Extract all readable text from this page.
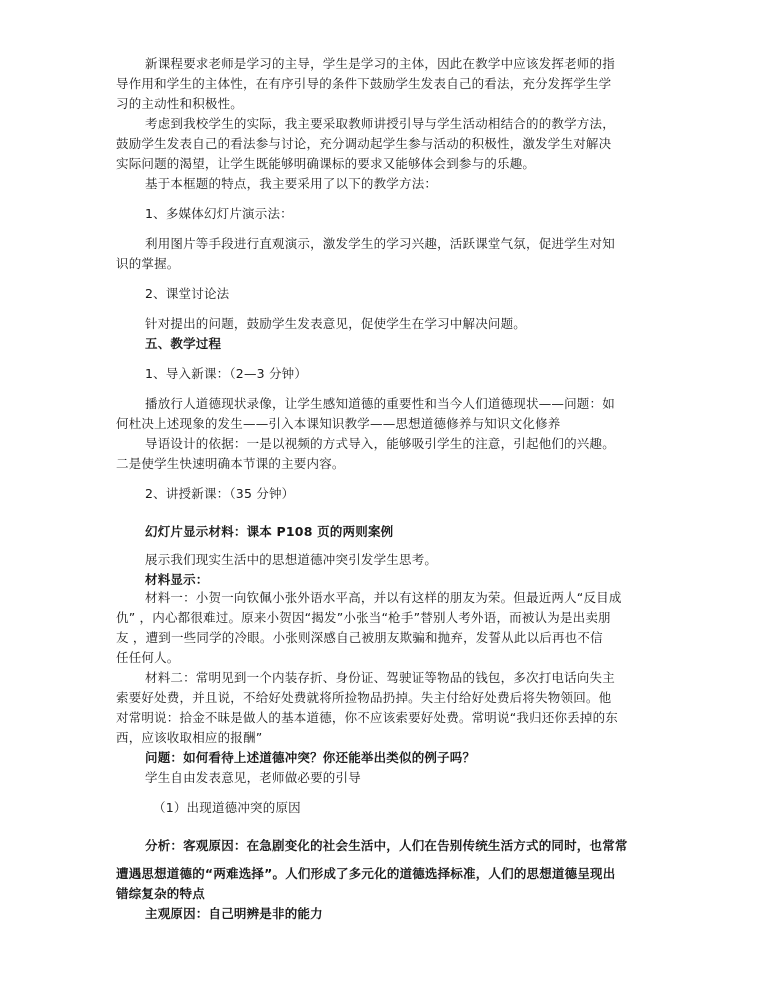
新课程要求老师是学习的主导，学生是学习的主体，因此在教学中应该发挥老师的指
导作用和学生的主体性，在有序引导的条件下鼓励学生发表自己的看法，充分发挥学生学
习的主动性和积极性。
考虑到我校学生的实际，我主要采取教师讲授引导与学生活动相结合的的教学方法，
鼓励学生发表自己的看法参与讨论，充分调动起学生参与活动的积极性，激发学生对解决
实际问题的渴望，让学生既能够明确课标的要求又能够体会到参与的乐趣。
基于本框题的特点，我主要采用了以下的教学方法：
1、多媒体幻灯片演示法：
利用图片等手段进行直观演示，激发学生的学习兴趣，活跃课堂气氛，促进学生对知
识的掌握。
2、课堂讨论法
针对提出的问题，鼓励学生发表意见，促使学生在学习中解决问题。
五、教学过程
1、导入新课：（2—3 分钟）
播放行人道德现状录像，让学生感知道德的重要性和当今人们道德现状——问题：如
何杜决上述现象的发生——引入本课知识教学——思想道德修养与知识文化修养
导语设计的依据：一是以视频的方式导入，能够吸引学生的注意，引起他们的兴趣。
二是使学生快速明确本节课的主要内容。
2、讲授新课：（35 分钟）
幻灯片显示材料：课本 P108 页的两则案例
展示我们现实生活中的思想道德冲突引发学生思考。
材料显示：
材料一：小贺一向钦佩小张外语水平高，并以有这样的朋友为荣。但最近两人“反目成
仇” ，内心都很难过。原来小贺因“揭发”小张当“枪手”替别人考外语，而被认为是出卖朋
友 ，遭到一些同学的冷眼。小张则深感自己被朋友欺骗和抛弃，发誓从此以后再也不信
任任何人。
材料二：常明见到一个内装存折、身份证、驾驶证等物品的钱包，多次打电话向失主
索要好处费，并且说，不给好处费就将所捡物品扔掉。失主付给好处费后将失物领回。他
对常明说：拾金不昧是做人的基本道德，你不应该索要好处费。常明说“我归还你丢掉的东
西，应该收取相应的报酬”
问题：如何看待上述道德冲突？你还能举出类似的例子吗？
学生自由发表意见，老师做必要的引导
（1）出现道德冲突的原因
分析：客观原因：在急剧变化的社会生活中，人们在告别传统生活方式的同时，也常常
遭遇思想道德的“两难选择”。人们形成了多元化的道德选择标准，人们的思想道德呈现出
错综复杂的特点
主观原因：自己明辨是非的能力
